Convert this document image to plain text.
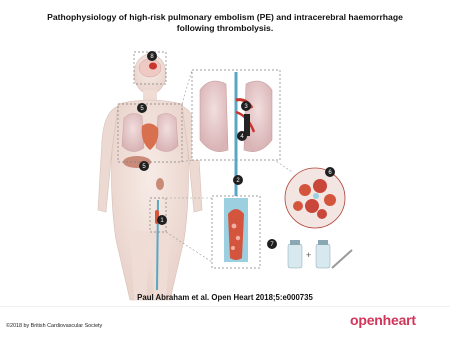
Pathophysiology of high-risk pulmonary embolism (PE) and intracerebral haemorrhage
following thrombolysis.
+
8
5
5
1
3
4
2
6
7
Paul Abraham et al. Open Heart 2018;5:e000735
©2018 by British Cardiovascular Society	openheart
